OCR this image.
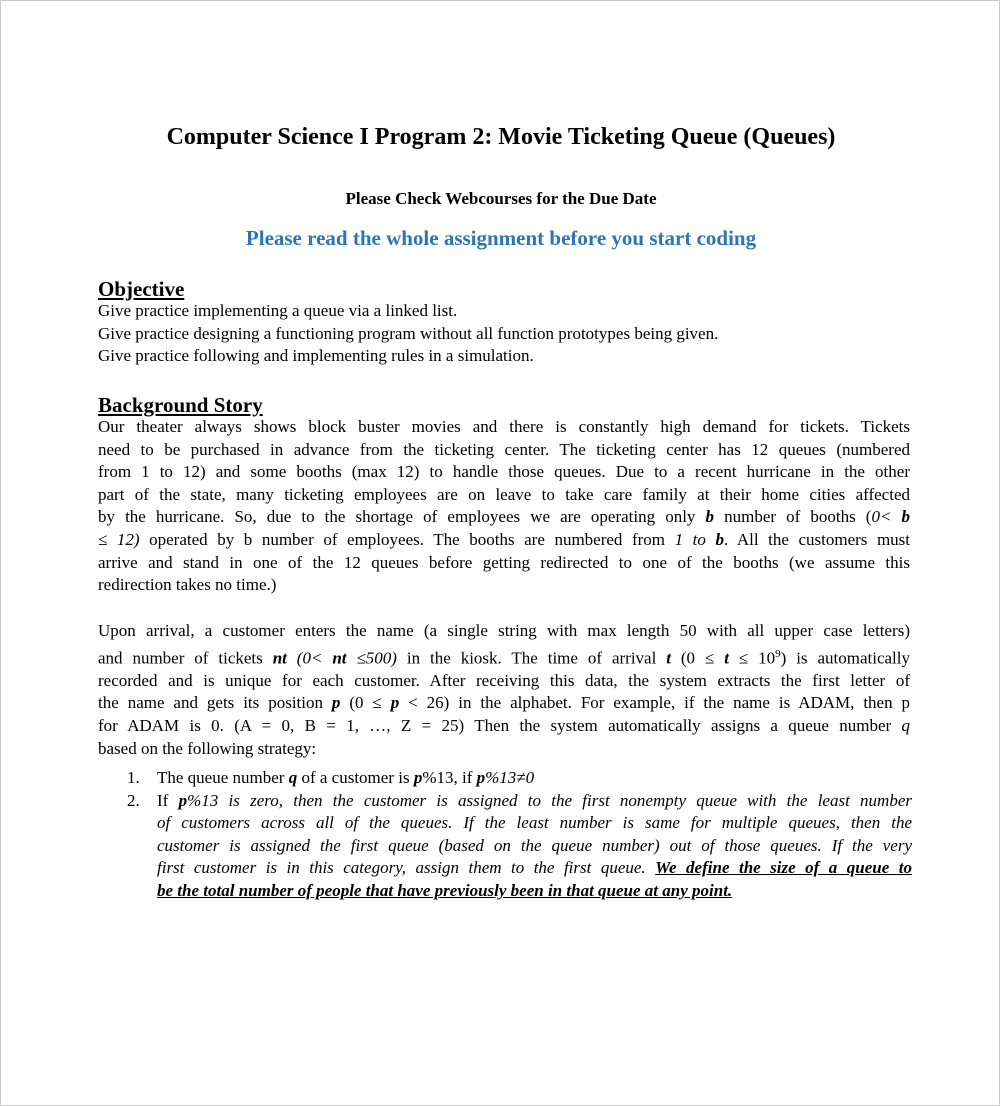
Computer Science I Program 2: Movie Ticketing Queue (Queues)
Please Check Webcourses for the Due Date
Please read the whole assignment before you start coding
Objective
Give practice implementing a queue via a linked list.
Give practice designing a functioning program without all function prototypes being given.
Give practice following and implementing rules in a simulation.
Background Story
Our theater always shows block buster movies and there is constantly high demand for tickets. Tickets
need to be purchased in advance from the ticketing center. The ticketing center has 12 queues (numbered
from 1 to 12) and some booths (max 12) to handle those queues. Due to a recent hurricane in the other
part of the state, many ticketing employees are on leave to take care family at their home cities affected
by the hurricane. So, due to the shortage of employees we are operating only b number of booths (0< b
≤ 12) operated by b number of employees. The booths are numbered from 1 to b. All the customers must
arrive and stand in one of the 12 queues before getting redirected to one of the booths (we assume this
redirection takes no time.)
Upon arrival, a customer enters the name (a single string with max length 50 with all upper case letters)
and number of tickets nt (0< nt ≤500) in the kiosk. The time of arrival t $(0 \le t \le 10^9)$ is automatically
recorded and is unique for each customer. After receiving this data, the system extracts the first letter of
the name and gets its position p (0 ≤ p < 26) in the alphabet. For example, if the name is ADAM, then p
for ADAM is 0. (A = 0, B = 1, …, Z = 25) Then the system automatically assigns a queue number q
based on the following strategy:
1. The queue number q of a customer is p%13, if p%13≠0
2. If p%13 is zero, then the customer is assigned to the first nonempty queue with the least number
of customers across all of the queues. If the least number is same for multiple queues, then the
customer is assigned the first queue (based on the queue number) out of those queues. If the very
first customer is in this category, assign them to the first queue. We define the size of a queue to
be the total number of people that have previously been in that queue at any point.
